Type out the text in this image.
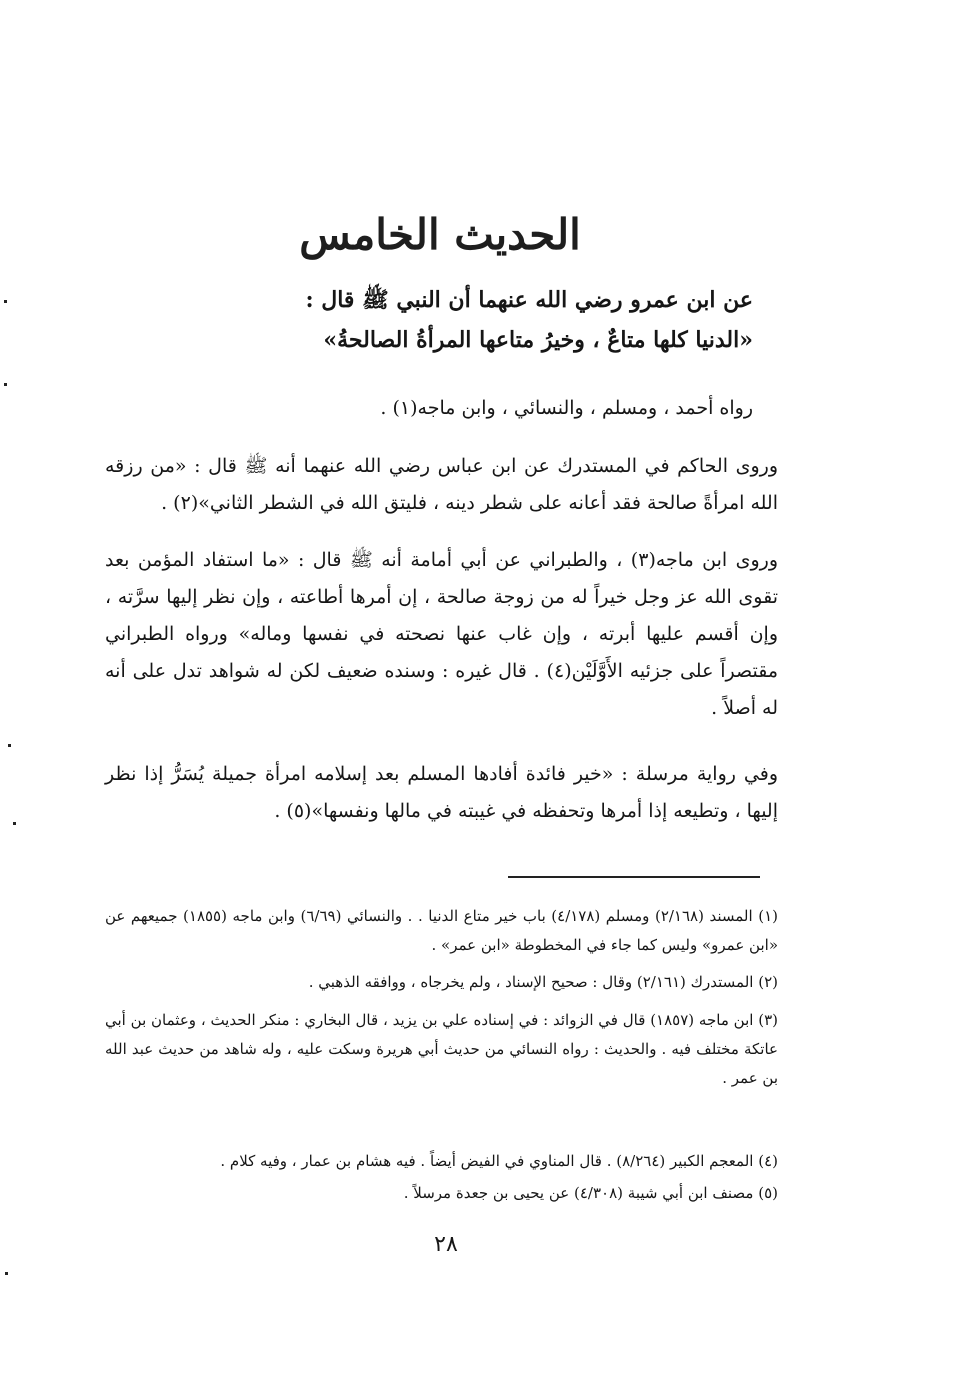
الحديث الخامس
عن ابن عمرو رضي الله عنهما أن النبي ﷺ قال :
«الدنيا كلها متاعٌ ، وخيرُ متاعها المرأةُ الصالحةُ»
رواه أحمد ، ومسلم ، والنسائي ، وابن ماجه(١) .
وروى الحاكم في المستدرك عن ابن عباس رضي الله عنهما أنه ﷺ قال : «من رزقه الله امرأةً صالحة فقد أعانه على شطر دينه ، فليتق الله في الشطر الثاني»(٢) .
وروى ابن ماجه(٣) ، والطبراني عن أبي أمامة أنه ﷺ قال : «ما استفاد المؤمن بعد تقوى الله عز وجل خيراً له من زوجة صالحة ، إن أمرها أطاعته ، وإن نظر إليها سرَّته ، وإن أقسم عليها أبرته ، وإن غاب عنها نصحته في نفسها وماله» ورواه الطبراني مقتصراً على جزئيه الأَوَّلَيْن(٤) . قال غيره : وسنده ضعيف لكن له شواهد تدل على أنه له أصلاً .
وفي رواية مرسلة : «خير فائدة أفادها المسلم بعد إسلامه امرأة جميلة يُسَرُّ إذا نظر إليها ، وتطيعه إذا أمرها وتحفظه في غيبته في مالها ونفسها»(٥) .
(١) المسند (٢/١٦٨) ومسلم (٤/١٧٨) باب خير متاع الدنيا . . والنسائي (٦/٦٩) وابن ماجه (١٨٥٥) جميعهم عن «ابن عمرو» وليس كما جاء في المخطوطة «ابن عمر» .
(٢) المستدرك (٢/١٦١) وقال : صحيح الإسناد ، ولم يخرجاه ، ووافقه الذهبي .
(٣) ابن ماجه (١٨٥٧) قال في الزوائد : في إسناده علي بن يزيد ، قال البخاري : منكر الحديث ، وعثمان بن أبي عاتكة مختلف فيه . والحديث : رواه النسائي من حديث أبي هريرة وسكت عليه ، وله شاهد من حديث عبد الله بن عمر .
(٤) المعجم الكبير (٨/٢٦٤) . قال المناوي في الفيض أيضاً . فيه هشام بن عمار ، وفيه كلام .
(٥) مصنف ابن أبي شيبة (٤/٣٠٨) عن يحيى بن جعدة مرسلاً .
٢٨
